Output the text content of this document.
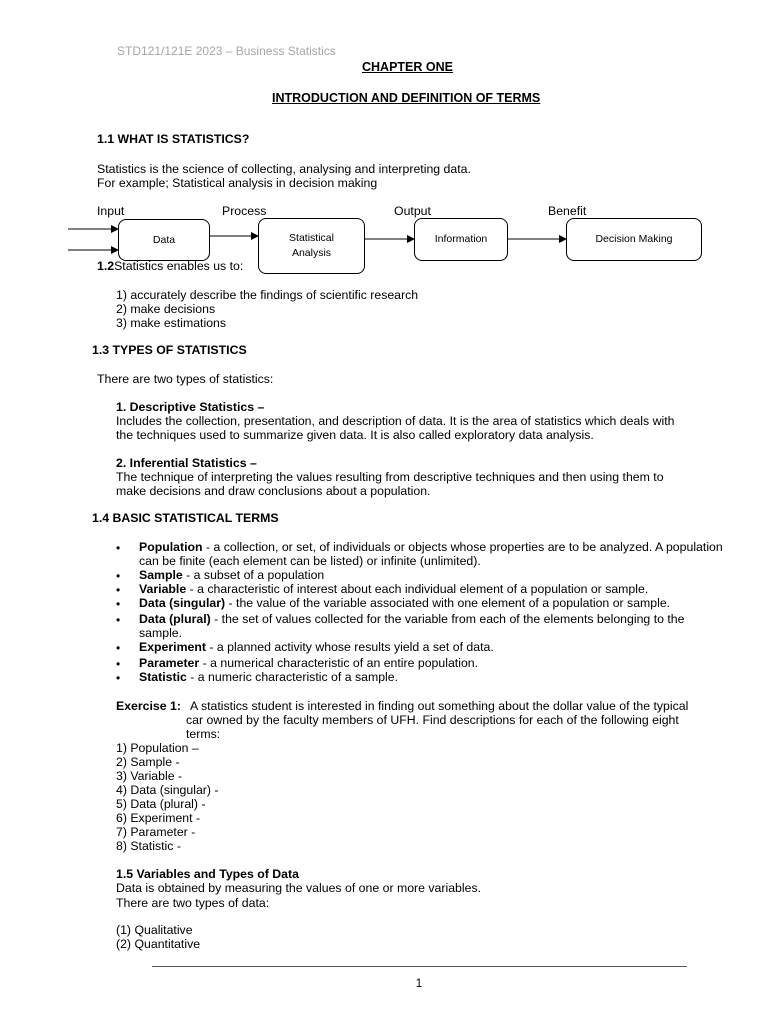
STD121/121E 2023 – Business Statistics
CHAPTER ONE
INTRODUCTION AND DEFINITION OF TERMS
1.1 WHAT IS STATISTICS?
Statistics is the science of collecting, analysing and interpreting data.
For example; Statistical analysis in decision making
Input	Process	Output	Benefit
Data	Statistical Analysis
Information	Decision Making
1.2Statistics enables us to:
1) accurately describe the findings of scientific research
2) make decisions
3) make estimations
1.3 TYPES OF STATISTICS
There are two types of statistics:
1. Descriptive Statistics –
Includes the collection, presentation, and description of data. It is the area of statistics which deals with
the techniques used to summarize given data. It is also called exploratory data analysis.
2. Inferential Statistics –
The technique of interpreting the values resulting from descriptive techniques and then using them to
make decisions and draw conclusions about a population.
1.4 BASIC STATISTICAL TERMS
• Population - a collection, or set, of individuals or objects whose properties are to be analyzed. A population can be finite (each element can be listed) or infinite (unlimited).
• Sample - a subset of a population
• Variable - a characteristic of interest about each individual element of a population or sample.
• Data (singular) - the value of the variable associated with one element of a population or sample.
• Data (plural) - the set of values collected for the variable from each of the elements belonging to the sample.
• Experiment - a planned activity whose results yield a set of data.
• Parameter - a numerical characteristic of an entire population.
• Statistic - a numeric characteristic of a sample.
Exercise 1: A statistics student is interested in finding out something about the dollar value of the typical
car owned by the faculty members of UFH. Find descriptions for each of the following eight
terms:
1) Population –
2) Sample -
3) Variable -
4) Data (singular) -
5) Data (plural) -
6) Experiment -
7) Parameter -
8) Statistic -
1.5 Variables and Types of Data
Data is obtained by measuring the values of one or more variables.
There are two types of data:
(1) Qualitative
(2) Quantitative
1
